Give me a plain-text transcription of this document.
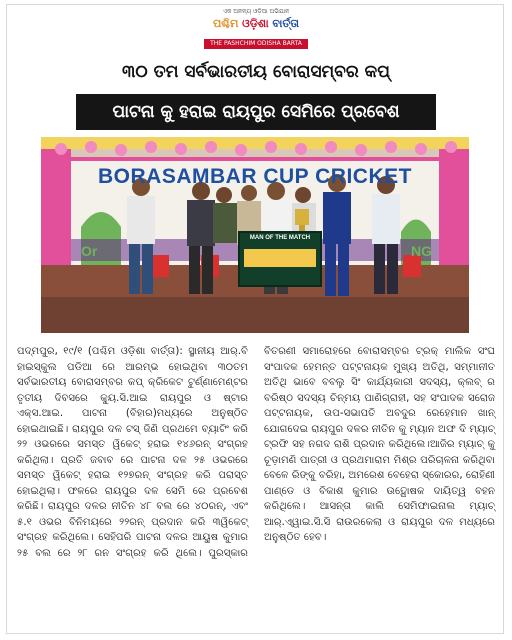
ଏକ ଅନନ୍ୟ ଓଡ଼ିଆ ଅଭିଯାନ
ପଶ୍ଚିମ ଓଡ଼ିଶା ବାର୍ତ୍ତା
THE PASHCHIM ODISHA BARTA
୩୦ ତମ ସର୍ବଭାରତୀୟ ବୋରାସମ୍ବର କପ୍
ପାଟନା କୁ ହରାଇ ରାୟପୁର ସେମିରେ ପ୍ରବେଶ
BORASAMBAR CUP CRICKET
Or	NG
MAN OF THE MATCH

ପଦ୍ମପୁର, ୧୯/୧ (ପଶ୍ଚିମ ଓଡ଼ିଶା ବାର୍ତ୍ତା): ସ୍ଥାନୀୟ ଆର୍.ବି ହାଇସ୍କୁଲ ପଡିଆ ରେ ଆରମ୍ଭ ହୋଇଥିବା ୩୦ତମ ସର୍ବଭାରତୀୟ ବୋରାସମ୍ବର କପ୍ କ୍ରିକେଟ ଟୁର୍ଣ୍ଣାମେଣ୍ଟର ତୃତୀୟ ଦିବସରେ କ୍ୟୁ.ସି.ଆଇ ରାୟପୁର ଓ ଷ୍ଟାର ଏକ୍ସ.ଆଇ. ପାଟନା (ବିହାର)ମଧ୍ୟରେ ଅନୁଷ୍ଠିତ ହୋଇଥାଇଛି। ରାୟପୁର ଦଳ ଟସ୍ ଜିଣି ପ୍ରଥମେ ବ୍ୟାଟିଂ କରି ୨୨ ଓଭରରେ ସମସ୍ତ ୱିକେଟ୍ ହରାଇ ୧୪୬ରନ୍ ସଂଗ୍ରହ କରିଥିଲା। ପ୍ରତି ଜବାବ ରେ ପାଟନା ଦଳ ୨୫ ଓଭରରେ ସମସ୍ତ ୱିକେଟ୍ ହରାଇ ୧୨୭ରନ୍ ସଂଗ୍ରହ କରି ପରାସ୍ତ ହୋଇଥିଲା। ଫଳରେ ରାୟପୁର ଦଳ ସେମି ରେ ପ୍ରବେଶ କରିଛି। ରାୟପୁର ଦଳର ନୀତିନ ୪୮ ବଲ ରେ ୪୦ରନ୍, ଏବଂ ୫.୧ ଓଭର ବିନିମୟରେ ୨୨ରନ୍ ପ୍ରଦାନ କରି ୩ୱିକେଟ୍ ସଂଗ୍ରହ କରିଥିଲେ। ସେହିପରି ପାଟନା ଦଳର ଆୟୁଷ କୁମାର ୨୫ ବଲ ରେ ୨୮ ରନ ସଂଗ୍ରହ କରି ଥିଲେ। ପୁରସ୍କାର ବିତରଣୀ ସମାରୋହରେ ବୋରାସମ୍ବର ଟ୍ରକ୍ ମାଲିକ ସଂଘ ସଂପାଦକ ହେମନ୍ତ ପଟ୍ଟନାୟକ ମୁଖ୍ୟ ଅତିଥି, ସମ୍ମାନୀତ ଅତିଥି ଭାବେ ବବଲୁ ସିଂ କାର୍ଯ୍ୟକାରୀ ସଦସ୍ୟ, କ୍ଲବ୍ ର ବରିଷ୍ଠ ସଦସ୍ୟ ଚିନ୍ମୟ ପାଣିଗ୍ରାହୀ, ସହ ସଂପାଦକ ସରୋଜ ପଟ୍ଟନାୟକ, ଉପ-ସଭାପତି ଅବଦୁର ରେହେମାନ ଖାନ୍ ଯୋଗଦେଇ ରାୟପୁର ଦଳର ନୀତିନ କୁ ମ୍ୟାନ ଅଫ ଦି ମ୍ୟାଚ୍ ଟ୍ରଫି ସହ ନଗଦ ରାଶି ପ୍ରଦାନ କରିଥିଲେ।ଆଜିର ମ୍ୟାଚ୍ କୁ ଚୂଡ଼ାମଣି ପାତ୍ରୀ ଓ ପ୍ରଥମାରାମ ମିଶ୍ର ପରିଚାଳନା କରିଥିବା ବେଳେ ରିଙ୍କୁ ବରିହା, ଅମରେଶ ବେହେରା ସ୍କୋରର, ରୋହିଣୀ ପାଣ୍ଡେ ଓ ବିକାଶ କୁମାର ଉଦ୍ଘୋଷକ ଦାୟିତ୍ୱ ବହନ କରିଥିଲେ। ଆସନ୍ତା କାଲି ସେମିଫାଇନାଲ ମ୍ୟାଚ୍ ଆର୍.ଏ୍ୱାଇ.ସି.ସି ରାଉରକେଲା ଓ ରାୟପୁର ଦଳ ମଧ୍ୟରେ ଅନୁଷ୍ଠିତ ହେବ।
